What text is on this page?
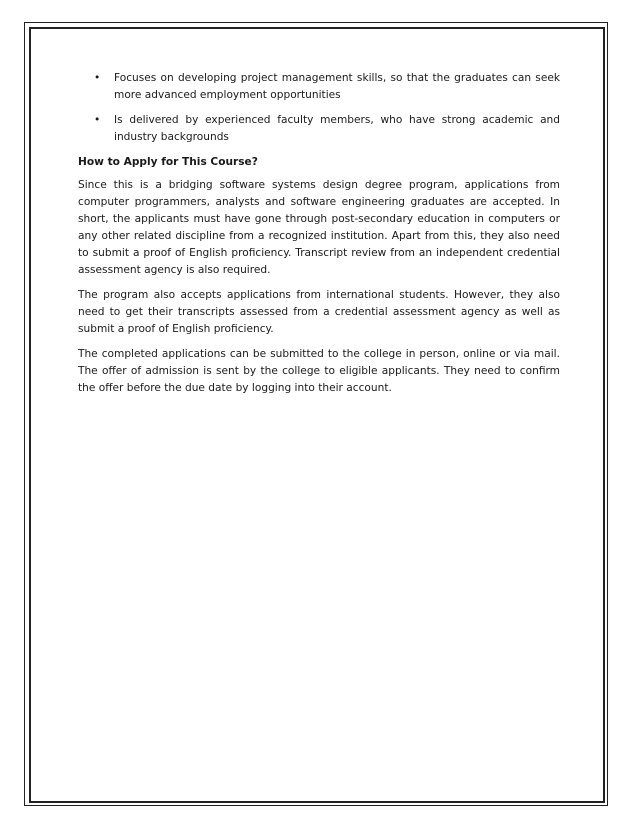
• Focuses on developing project management skills, so that the graduates can seek more advanced employment opportunities
• Is delivered by experienced faculty members, who have strong academic and industry backgrounds

How to Apply for This Course?

Since this is a bridging software systems design degree program, applications from computer programmers, analysts and software engineering graduates are accepted. In short, the applicants must have gone through post-secondary education in computers or any other related discipline from a recognized institution. Apart from this, they also need to submit a proof of English proficiency. Transcript review from an independent credential assessment agency is also required.

The program also accepts applications from international students. However, they also need to get their transcripts assessed from a credential assessment agency as well as submit a proof of English proficiency.

The completed applications can be submitted to the college in person, online or via mail. The offer of admission is sent by the college to eligible applicants. They need to confirm the offer before the due date by logging into their account.
